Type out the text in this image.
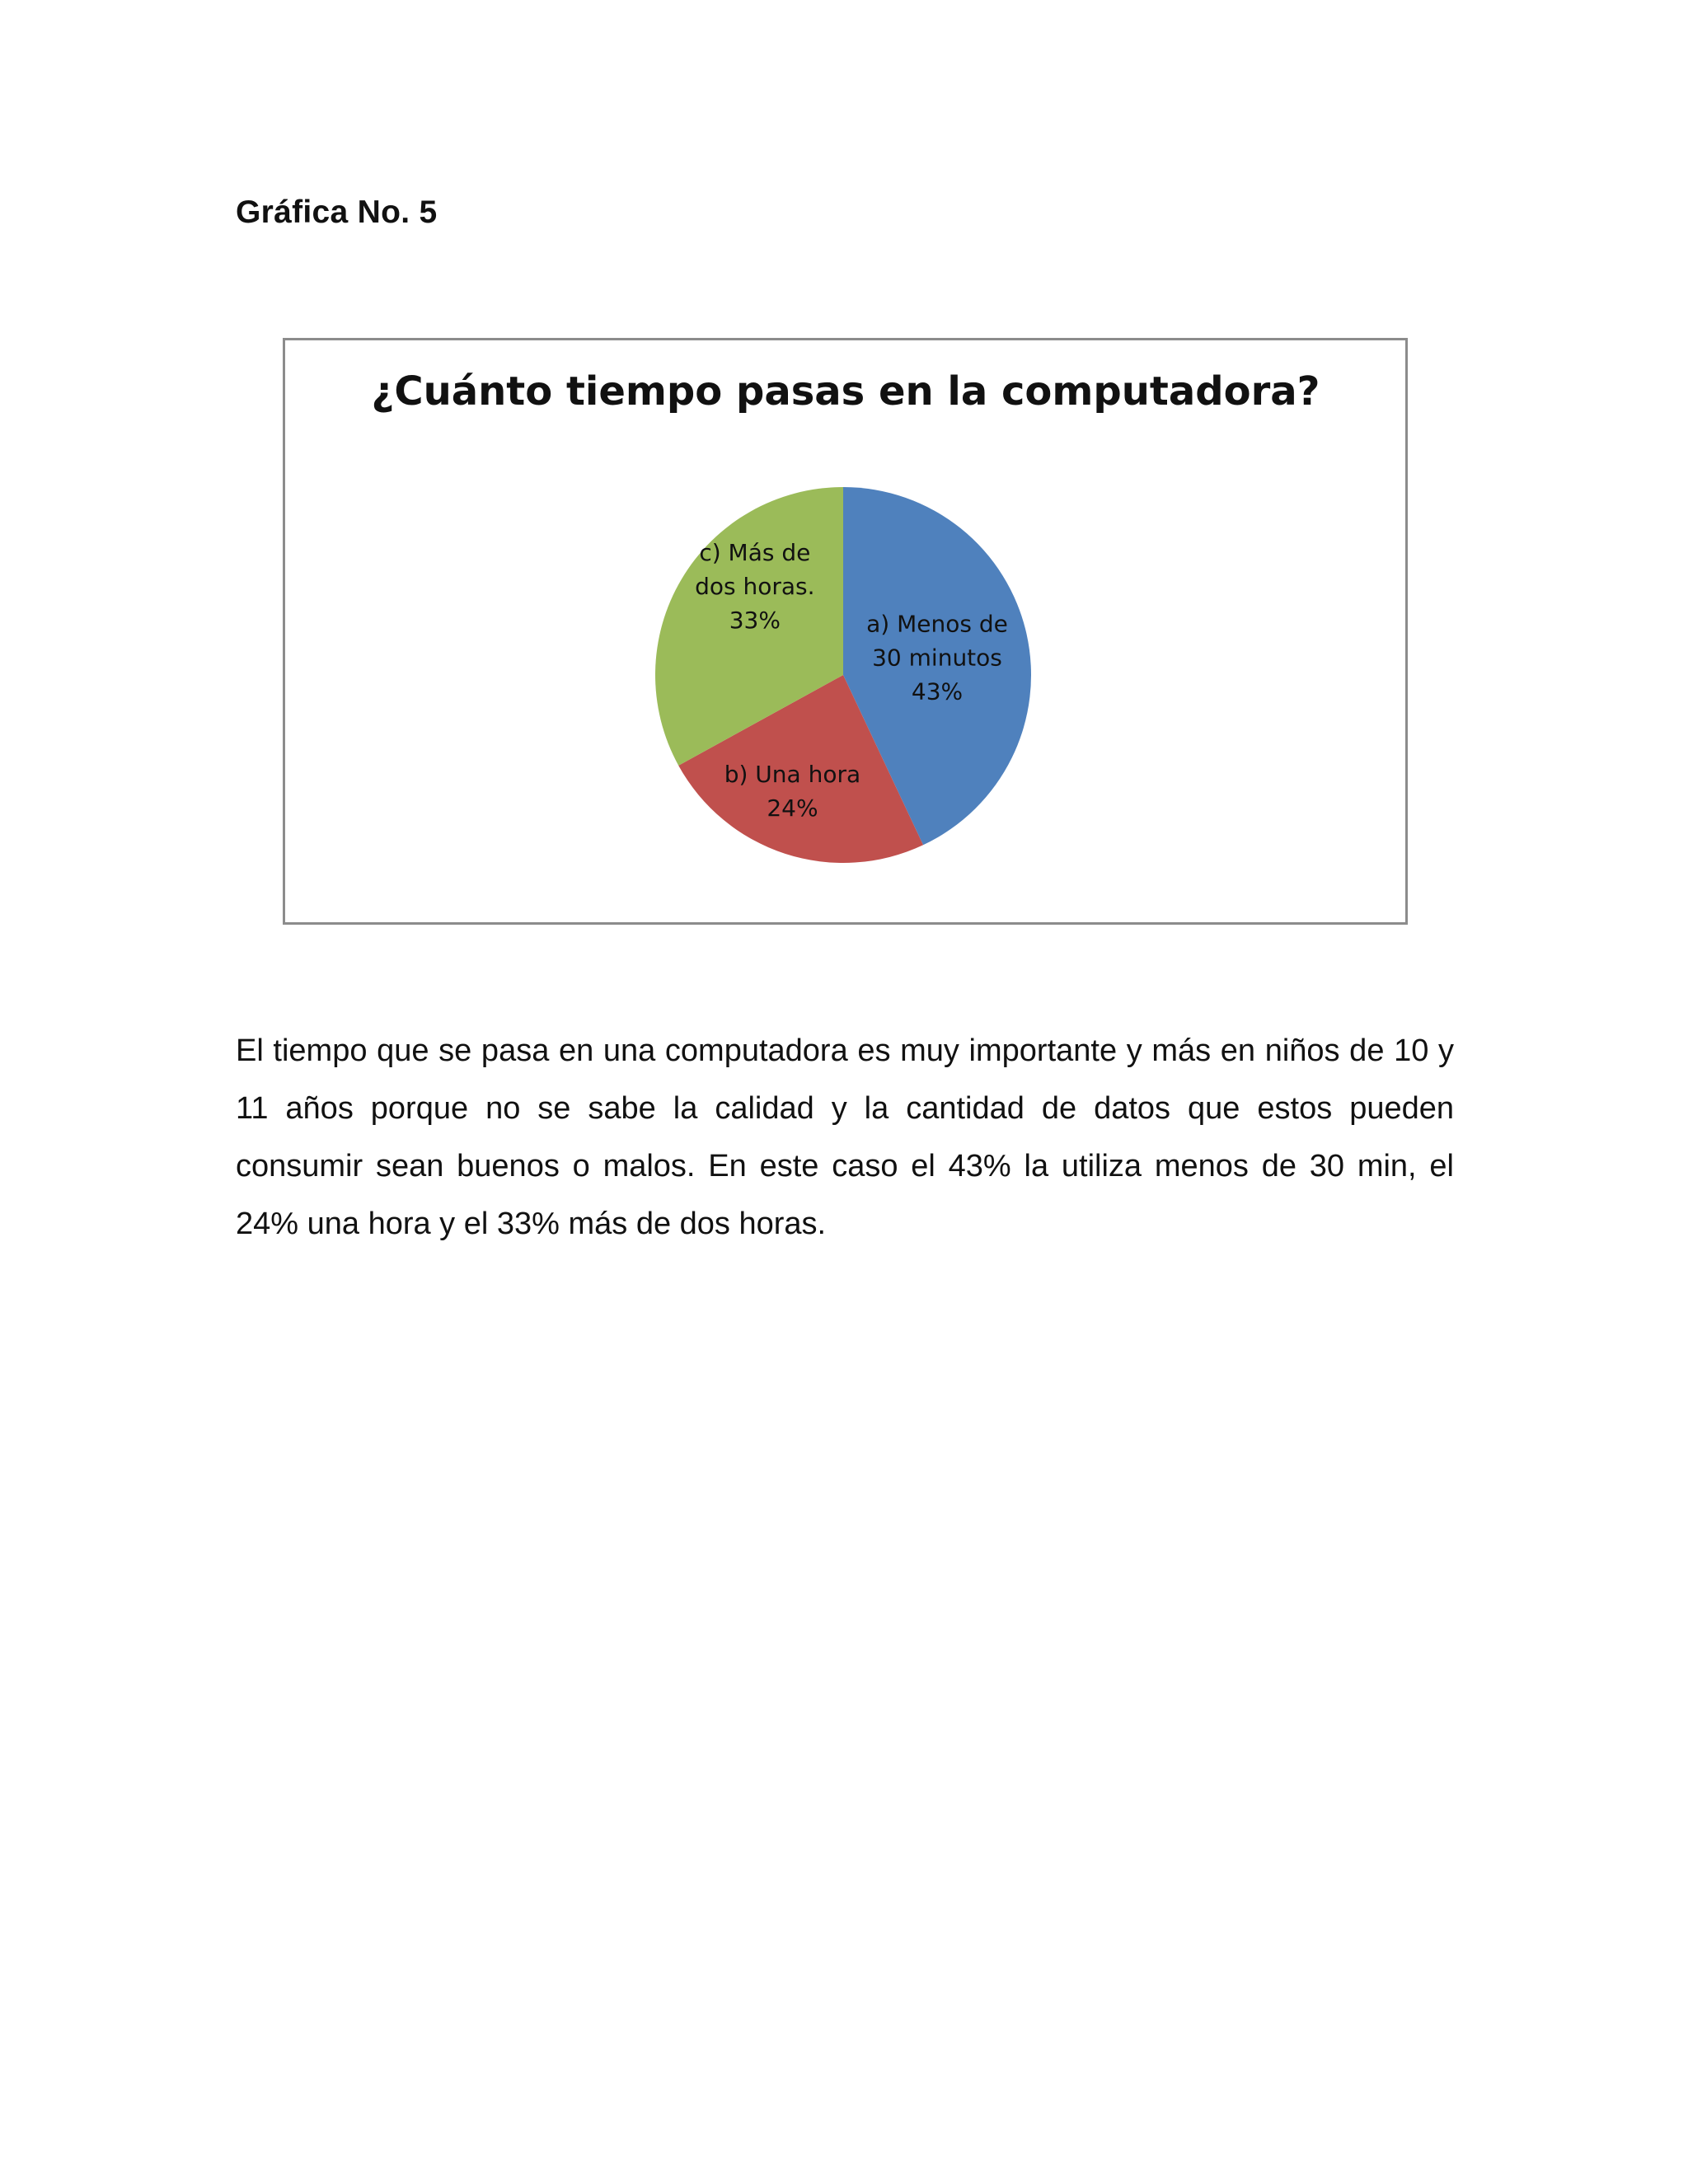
Gráfica No. 5
¿Cuánto tiempo pasas en la computadora?
a) Menos de 30 minutos 43%
b) Una hora 24%
c) Más de dos horas. 33%
El tiempo que se pasa en una computadora es muy importante y más en niños de 10 y 11 años porque no se sabe la calidad y la cantidad de datos que estos pueden consumir sean buenos o malos. En este caso el 43% la utiliza menos de 30 min, el 24% una hora y el 33% más de dos horas.
